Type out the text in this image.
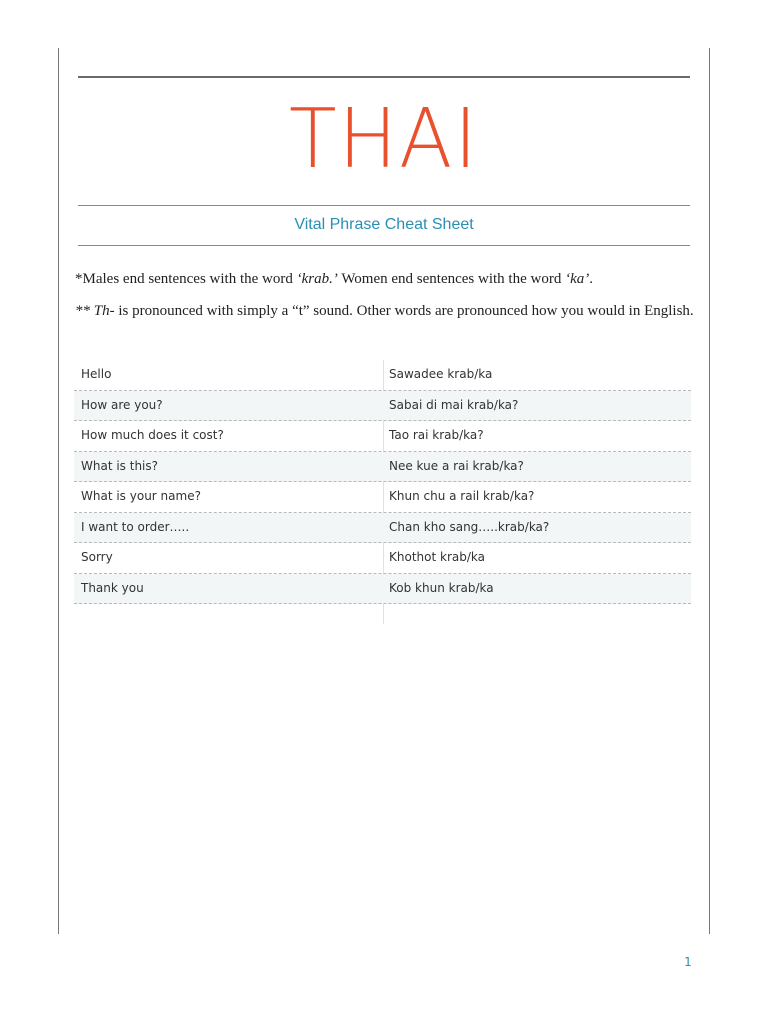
THAI
Vital Phrase Cheat Sheet
*Males end sentences with the word ‘krab.’ Women end sentences with the word ‘ka’.
** Th- is pronounced with simply a “t” sound. Other words are pronounced how you would in English.
Hello	Sawadee krab/ka
How are you?	Sabai di mai krab/ka?
How much does it cost?	Tao rai krab/ka?
What is this?	Nee kue a rai krab/ka?
What is your name?	Khun chu a rail krab/ka?
I want to order…..	Chan kho sang…..krab/ka?
Sorry	Khothot krab/ka
Thank you	Kob khun krab/ka
1
